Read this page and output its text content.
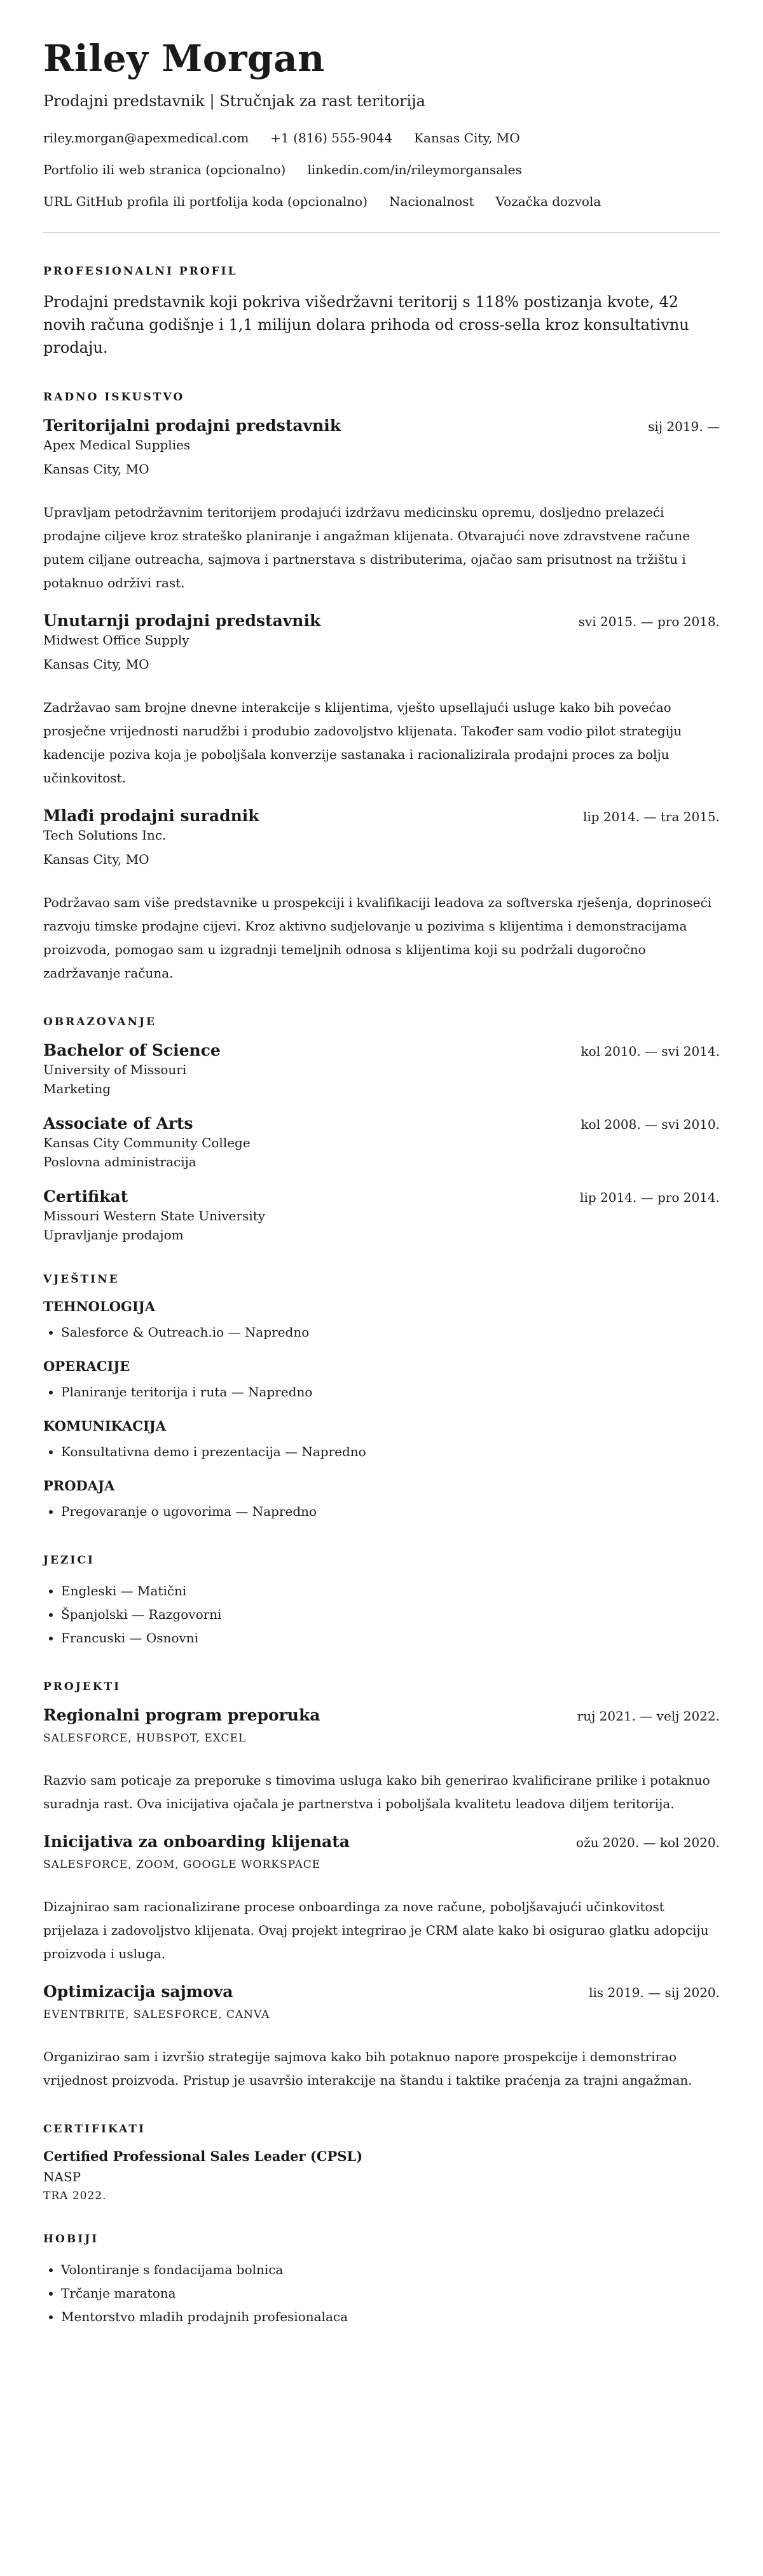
Riley Morgan
Prodajni predstavnik | Stručnjak za rast teritorija
riley.morgan@apexmedical.com +1 (816) 555-9044 Kansas City, MO
Portfolio ili web stranica (opcionalno) linkedin.com/in/rileymorgansales
URL GitHub profila ili portfolija koda (opcionalno) Nacionalnost Vozačka dozvola
PROFESIONALNI PROFIL

Prodajni predstavnik koji pokriva višedržavni teritorij s 118% postizanja kvote, 42 novih računa godišnje i 1,1 milijun dolara prihoda od cross-sella kroz konsultativnu prodaju.

RADNO ISKUSTVO
Teritorijalni prodajni predstavnik	sij 2019. —
Apex Medical Supplies
Kansas City, MO
Upravljam petodržavnim teritorijem prodajući izdržavu medicinsku opremu, dosljedno prelazeći prodajne ciljeve kroz strateško planiranje i angažman klijenata. Otvarajući nove zdravstvene račune putem ciljane outreacha, sajmova i partnerstava s distributerima, ojačao sam prisutnost na tržištu i potaknuo održivi rast.
Unutarnji prodajni predstavnik	svi 2015. — pro 2018.
Midwest Office Supply
Kansas City, MO
Zadržavao sam brojne dnevne interakcije s klijentima, vješto upsellajući usluge kako bih povećao prosječne vrijednosti narudžbi i produbio zadovoljstvo klijenata. Također sam vodio pilot strategiju kadencije poziva koja je poboljšala konverzije sastanaka i racionalizirala prodajni proces za bolju učinkovitost.
Mlađi prodajni suradnik	lip 2014. — tra 2015.
Tech Solutions Inc.
Kansas City, MO
Podržavao sam više predstavnike u prospekciji i kvalifikaciji leadova za softverska rješenja, doprinoseći razvoju timske prodajne cijevi. Kroz aktivno sudjelovanje u pozivima s klijentima i demonstracijama proizvoda, pomogao sam u izgradnji temeljnih odnosa s klijentima koji su podržali dugoročno zadržavanje računa.
OBRAZOVANJE
Bachelor of Science	kol 2010. — svi 2014.
University of Missouri
Marketing
Associate of Arts	kol 2008. — svi 2010.
Kansas City Community College
Poslovna administracija
Certifikat	lip 2014. — pro 2014.
Missouri Western State University
Upravljanje prodajom
VJEŠTINE
TEHNOLOGIJA
• Salesforce & Outreach.io — Napredno
OPERACIJE
• Planiranje teritorija i ruta — Napredno
KOMUNIKACIJA
• Konsultativna demo i prezentacija — Napredno
PRODAJA
• Pregovaranje o ugovorima — Napredno
JEZICI
• Engleski — Matični
• Španjolski — Razgovorni
• Francuski — Osnovni
PROJEKTI
Regionalni program preporuka	ruj 2021. — velj 2022.
SALESFORCE, HUBSPOT, EXCEL
Razvio sam poticaje za preporuke s timovima usluga kako bih generirao kvalificirane prilike i potaknuo suradnja rast. Ova inicijativa ojačala je partnerstva i poboljšala kvalitetu leadova diljem teritorija.
Inicijativa za onboarding klijenata	ožu 2020. — kol 2020.
SALESFORCE, ZOOM, GOOGLE WORKSPACE
Dizajnirao sam racionalizirane procese onboardinga za nove račune, poboljšavajući učinkovitost prijelaza i zadovoljstvo klijenata. Ovaj projekt integrirao je CRM alate kako bi osigurao glatku adopciju proizvoda i usluga.
Optimizacija sajmova	lis 2019. — sij 2020.
EVENTBRITE, SALESFORCE, CANVA
Organizirao sam i izvršio strategije sajmova kako bih potaknuo napore prospekcije i demonstrirao vrijednost proizvoda. Pristup je usavršio interakcije na štandu i taktike praćenja za trajni angažman.
CERTIFIKATI
Certified Professional Sales Leader (CPSL)
NASP
TRA 2022.
HOBIJI
• Volontiranje s fondacijama bolnica
• Trčanje maratona
• Mentorstvo mladih prodajnih profesionalaca
